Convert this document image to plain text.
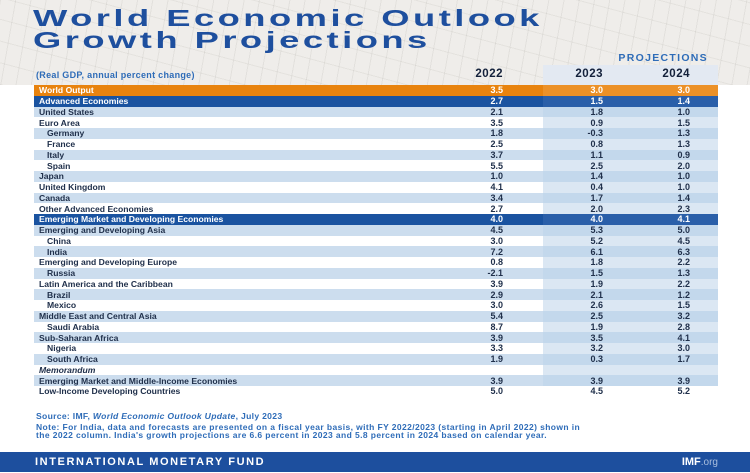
World Economic Outlook
Growth Projections
PROJECTIONS
(Real GDP, annual percent change)	2022	2023	2024
World Output	3.5	3.0	3.0
Advanced Economies	2.7	1.5	1.4
United States	2.1	1.8	1.0
Euro Area	3.5	0.9	1.5
Germany	1.8	-0.3	1.3
France	2.5	0.8	1.3
Italy	3.7	1.1	0.9
Spain	5.5	2.5	2.0
Japan	1.0	1.4	1.0
United Kingdom	4.1	0.4	1.0
Canada	3.4	1.7	1.4
Other Advanced Economies	2.7	2.0	2.3
Emerging Market and Developing Economies	4.0	4.0	4.1
Emerging and Developing Asia	4.5	5.3	5.0
China	3.0	5.2	4.5
India	7.2	6.1	6.3
Emerging and Developing Europe	0.8	1.8	2.2
Russia	-2.1	1.5	1.3
Latin America and the Caribbean	3.9	1.9	2.2
Brazil	2.9	2.1	1.2
Mexico	3.0	2.6	1.5
Middle East and Central Asia	5.4	2.5	3.2
Saudi Arabia	8.7	1.9	2.8
Sub-Saharan Africa	3.9	3.5	4.1
Nigeria	3.3	3.2	3.0
South Africa	1.9	0.3	1.7
Memorandum
Emerging Market and Middle-Income Economies	3.9	3.9	3.9
Low-Income Developing Countries	5.0	4.5	5.2
Source: IMF, World Economic Outlook Update, July 2023
Note: For India, data and forecasts are presented on a fiscal year basis, with FY 2022/2023 (starting in April 2022) shown in the 2022 column. India's growth projections are 6.6 percent in 2023 and 5.8 percent in 2024 based on calendar year.
INTERNATIONAL MONETARY FUND	IMF.org
